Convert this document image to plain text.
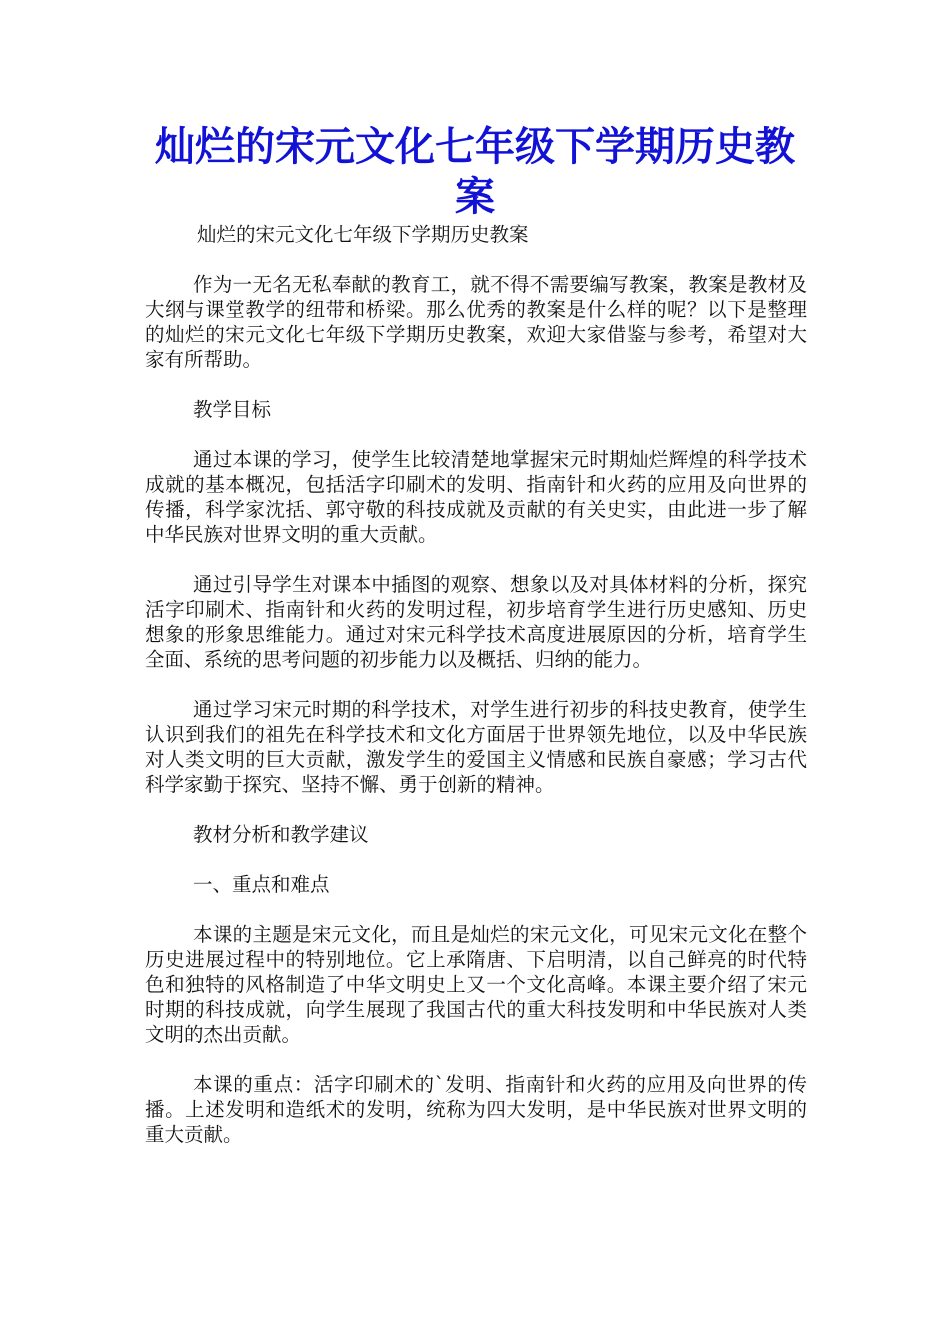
灿烂的宋元文化七年级下学期历史教案

灿烂的宋元文化七年级下学期历史教案

作为一无名无私奉献的教育工，就不得不需要编写教案，教案是教材及大纲与课堂教学的纽带和桥梁。那么优秀的教案是什么样的呢？以下是整理的灿烂的宋元文化七年级下学期历史教案，欢迎大家借鉴与参考，希望对大家有所帮助。

教学目标

通过本课的学习，使学生比较清楚地掌握宋元时期灿烂辉煌的科学技术成就的基本概况，包括活字印刷术的发明、指南针和火药的应用及向世界的传播，科学家沈括、郭守敬的科技成就及贡献的有关史实，由此进一步了解中华民族对世界文明的重大贡献。

通过引导学生对课本中插图的观察、想象以及对具体材料的分析，探究活字印刷术、指南针和火药的发明过程，初步培育学生进行历史感知、历史想象的形象思维能力。通过对宋元科学技术高度进展原因的分析，培育学生全面、系统的思考问题的初步能力以及概括、归纳的能力。

通过学习宋元时期的科学技术，对学生进行初步的科技史教育，使学生认识到我们的祖先在科学技术和文化方面居于世界领先地位，以及中华民族对人类文明的巨大贡献，激发学生的爱国主义情感和民族自豪感；学习古代科学家勤于探究、坚持不懈、勇于创新的精神。

教材分析和教学建议

一、重点和难点

本课的主题是宋元文化，而且是灿烂的宋元文化，可见宋元文化在整个历史进展过程中的特别地位。它上承隋唐、下启明清，以自己鲜亮的时代特色和独特的风格制造了中华文明史上又一个文化高峰。本课主要介绍了宋元时期的科技成就，向学生展现了我国古代的重大科技发明和中华民族对人类文明的杰出贡献。

本课的重点：活字印刷术的`发明、指南针和火药的应用及向世界的传播。上述发明和造纸术的发明，统称为四大发明，是中华民族对世界文明的重大贡献。
